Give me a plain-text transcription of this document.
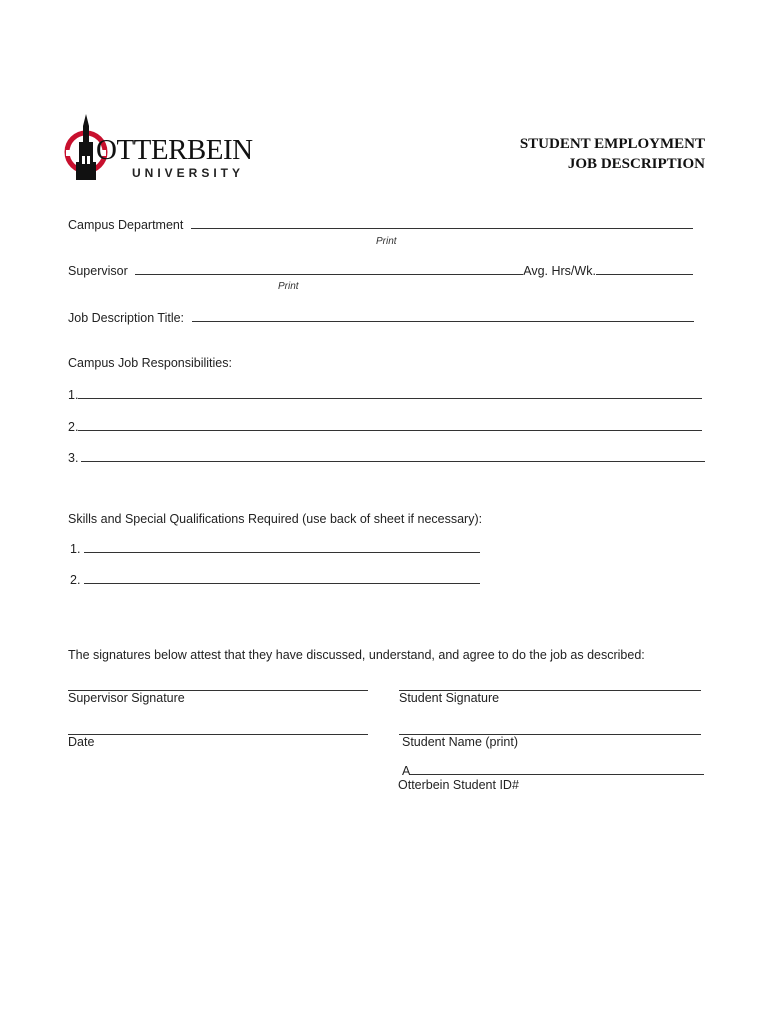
OTTERBEIN
UNIVERSITY
STUDENT EMPLOYMENT
JOB DESCRIPTION
Campus Department
Print
Supervisor	Avg. Hrs/Wk.
Print
Job Description Title:
Campus Job Responsibilities:
1.
2.
3.
Skills and Special Qualifications Required (use back of sheet if necessary):
1.
2.
The signatures below attest that they have discussed, understand, and agree to do the job as described:
Supervisor Signature	Student Signature
Date	Student Name (print)
A
Otterbein Student ID#
